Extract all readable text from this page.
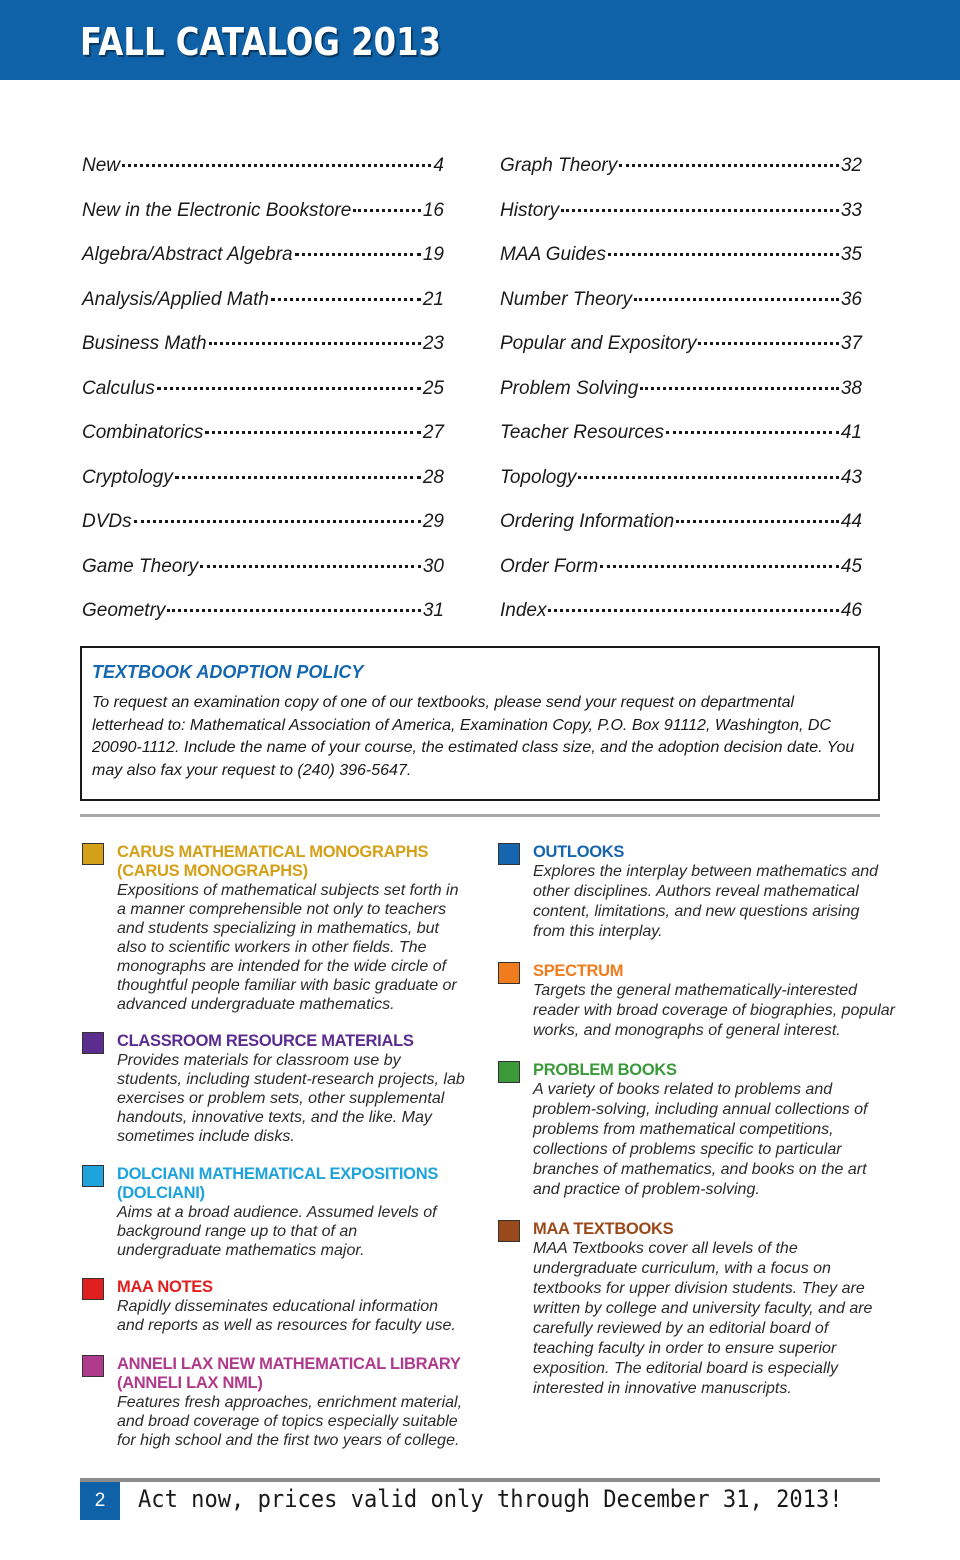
FALL CATALOG 2013
New	4
New in the Electronic Bookstore	16
Algebra/Abstract Algebra	19
Analysis/Applied Math	21
Business Math	23
Calculus	25
Combinatorics	27
Cryptology	28
DVDs	29
Game Theory	30
Geometry	31
Graph Theory	32
History	33
MAA Guides	35
Number Theory	36
Popular and Expository	37
Problem Solving	38
Teacher Resources	41
Topology	43
Ordering Information	44
Order Form	45
Index	46
TEXTBOOK ADOPTION POLICY
To request an examination copy of one of our textbooks, please send your request on departmental letterhead to: Mathematical Association of America, Examination Copy, P.O. Box 91112, Washington, DC 20090-1112. Include the name of your course, the estimated class size, and the adoption decision date. You may also fax your request to (240) 396-5647.
CARUS MATHEMATICAL MONOGRAPHS
(CARUS MONOGRAPHS)
Expositions of mathematical subjects set forth in
a manner comprehensible not only to teachers
and students specializing in mathematics, but
also to scientific workers in other fields. The
monographs are intended for the wide circle of
thoughtful people familiar with basic graduate or
advanced undergraduate mathematics.
CLASSROOM RESOURCE MATERIALS
Provides materials for classroom use by
students, including student-research projects, lab
exercises or problem sets, other supplemental
handouts, innovative texts, and the like. May
sometimes include disks.
DOLCIANI MATHEMATICAL EXPOSITIONS
(DOLCIANI)
Aims at a broad audience. Assumed levels of
background range up to that of an
undergraduate mathematics major.
MAA NOTES
Rapidly disseminates educational information
and reports as well as resources for faculty use.
ANNELI LAX NEW MATHEMATICAL LIBRARY
(ANNELI LAX NML)
Features fresh approaches, enrichment material,
and broad coverage of topics especially suitable
for high school and the first two years of college.
OUTLOOKS
Explores the interplay between mathematics and
other disciplines. Authors reveal mathematical
content, limitations, and new questions arising
from this interplay.
SPECTRUM
Targets the general mathematically-interested
reader with broad coverage of biographies, popular
works, and monographs of general interest.
PROBLEM BOOKS
A variety of books related to problems and
problem-solving, including annual collections of
problems from mathematical competitions,
collections of problems specific to particular
branches of mathematics, and books on the art
and practice of problem-solving.
MAA TEXTBOOKS
MAA Textbooks cover all levels of the
undergraduate curriculum, with a focus on
textbooks for upper division students. They are
written by college and university faculty, and are
carefully reviewed by an editorial board of
teaching faculty in order to ensure superior
exposition. The editorial board is especially
interested in innovative manuscripts.
2	Act now, prices valid only through December 31, 2013!
